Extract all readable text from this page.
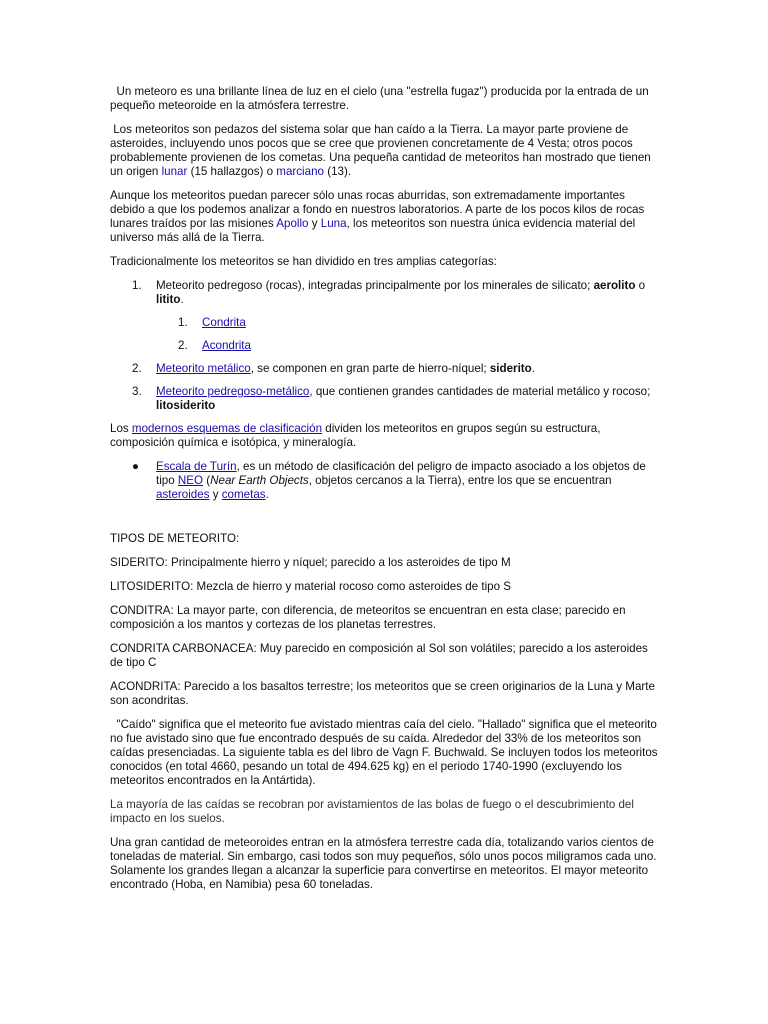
Un meteoro es una brillante línea de luz en el cielo (una "estrella fugaz") producida por la entrada de un pequeño meteoroide en la atmósfera terrestre.

Los meteoritos son pedazos del sistema solar que han caído a la Tierra. La mayor parte proviene de asteroides, incluyendo unos pocos que se cree que provienen concretamente de 4 Vesta; otros pocos probablemente provienen de los cometas. Una pequeña cantidad de meteoritos han mostrado que tienen un origen lunar (15 hallazgos) o marciano (13).

Aunque los meteoritos puedan parecer sólo unas rocas aburridas, son extremadamente importantes debido a que los podemos analizar a fondo en nuestros laboratorios. A parte de los pocos kilos de rocas lunares traídos por las misiones Apollo y Luna, los meteoritos son nuestra única evidencia material del universo más allá de la Tierra.

Tradicionalmente los meteoritos se han dividido en tres amplias categorías:

1. Meteorito pedregoso (rocas), integradas principalmente por los minerales de silicato; aerolito o litito.
1. Condrita
2. Acondrita
2. Meteorito metálico, se componen en gran parte de hierro-níquel; siderito.
3. Meteorito pedregoso-metálico, que contienen grandes cantidades de material metálico y rocoso; litosiderito

Los modernos esquemas de clasificación dividen los meteoritos en grupos según su estructura, composición química e isotópica, y mineralogía.

● Escala de Turín, es un método de clasificación del peligro de impacto asociado a los objetos de tipo NEO (Near Earth Objects, objetos cercanos a la Tierra), entre los que se encuentran asteroides y cometas.

TIPOS DE METEORITO:

SIDERITO: Principalmente hierro y níquel; parecido a los asteroides de tipo M

LITOSIDERITO: Mezcla de hierro y material rocoso como asteroides de tipo S

CONDITRA: La mayor parte, con diferencia, de meteoritos se encuentran en esta clase; parecido en composición a los mantos y cortezas de los planetas terrestres.

CONDRITA CARBONACEA: Muy parecido en composición al Sol son volátiles; parecido a los asteroides de tipo C

ACONDRITA: Parecido a los basaltos terrestre; los meteoritos que se creen originarios de la Luna y Marte son acondritas.

"Caído" significa que el meteorito fue avistado mientras caía del cielo. "Hallado" significa que el meteorito no fue avistado sino que fue encontrado después de su caída. Alrededor del 33% de los meteoritos son caídas presenciadas. La siguiente tabla es del libro de Vagn F. Buchwald. Se incluyen todos los meteoritos conocidos (en total 4660, pesando un total de 494.625 kg) en el periodo 1740-1990 (excluyendo los meteoritos encontrados en la Antártida).

La mayoría de las caídas se recobran por avistamientos de las bolas de fuego o el descubrimiento del impacto en los suelos.

Una gran cantidad de meteoroides entran en la atmósfera terrestre cada día, totalizando varios cientos de toneladas de material. Sin embargo, casi todos son muy pequeños, sólo unos pocos miligramos cada uno. Solamente los grandes llegan a alcanzar la superficie para convertirse en meteoritos. El mayor meteorito encontrado (Hoba, en Namibia) pesa 60 toneladas.
